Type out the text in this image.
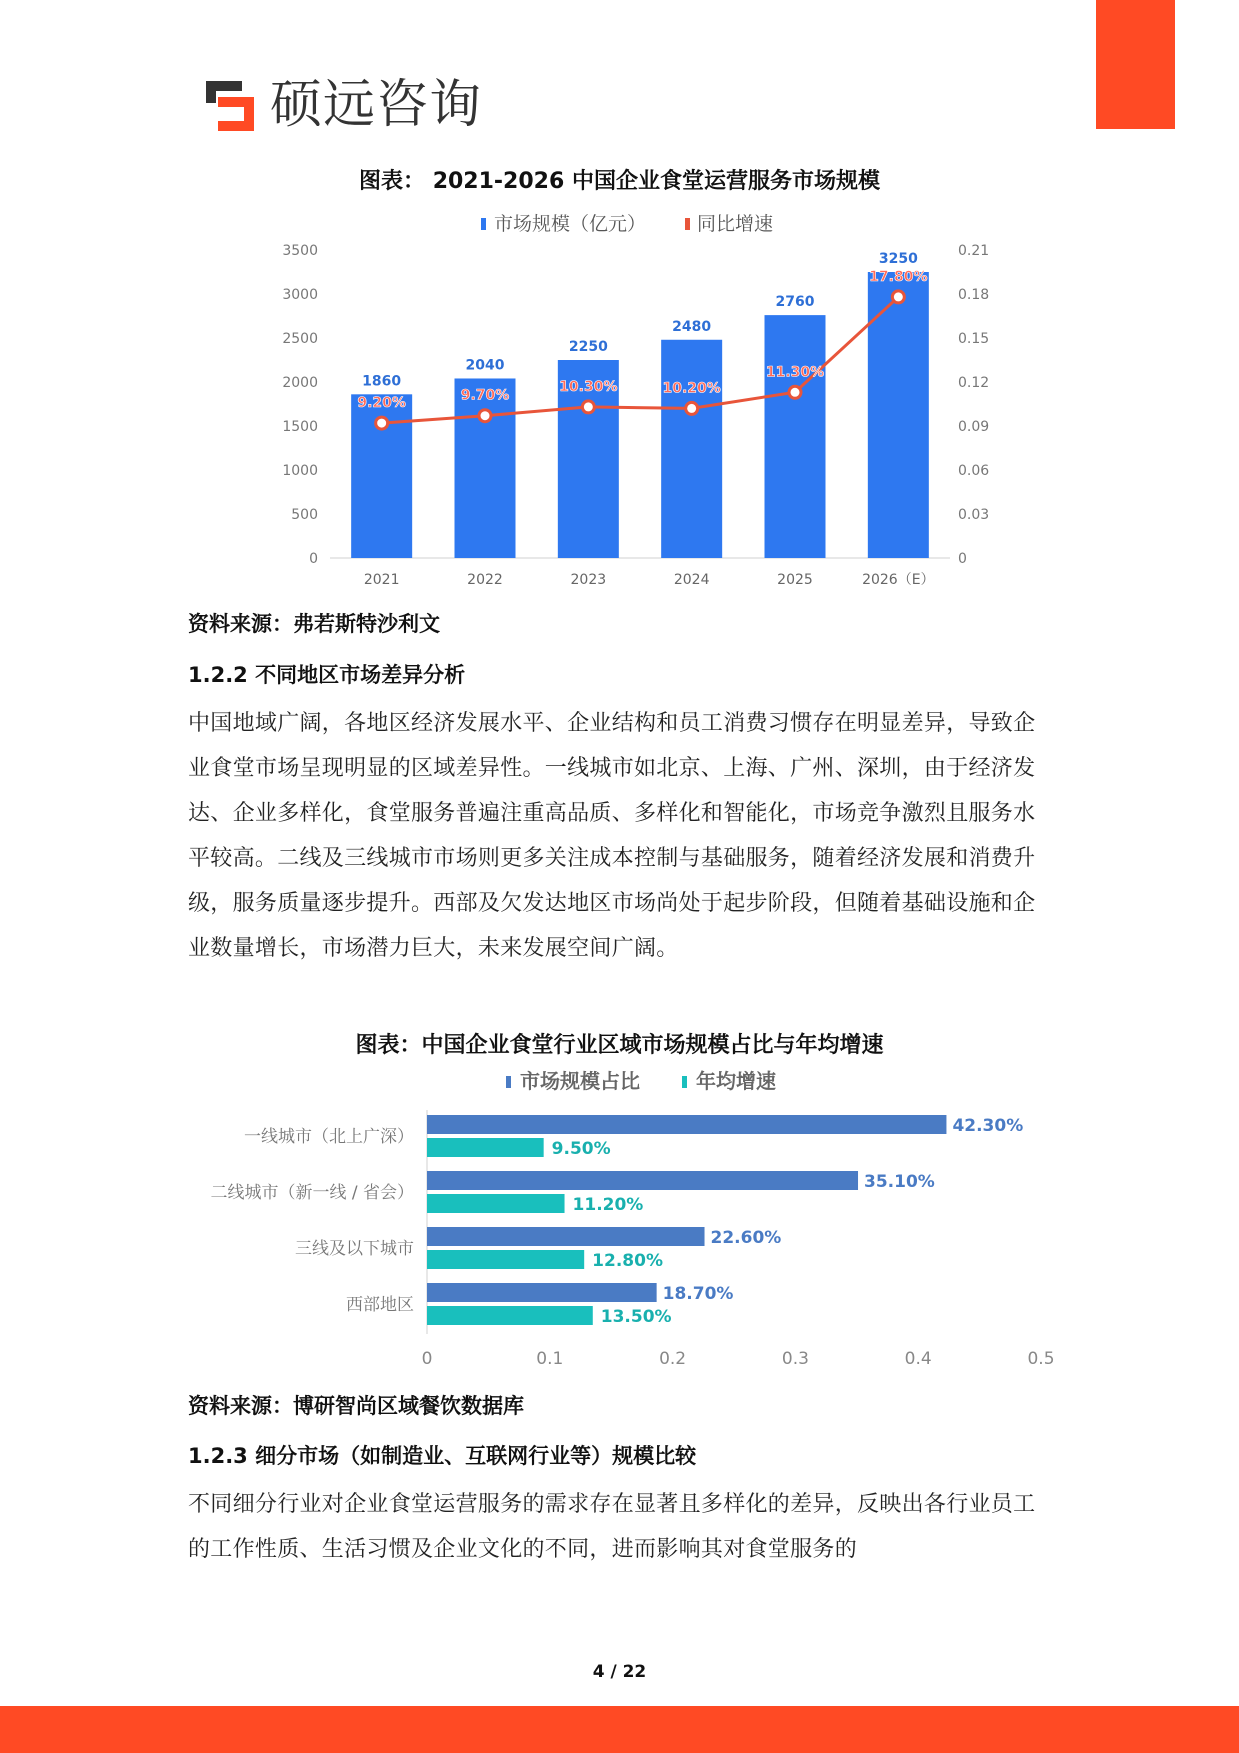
硕远咨询
图表： 2021-2026 中国企业食堂运营服务市场规模
市场规模（亿元）	同比增速
0
500
1000
1500
2000
2500
3000
3500
0
0.03
0.06
0.09
0.12
0.15
0.18
0.21
1860
2021
2040
2022
2250
2023
2480
2024
2760
2025
3250
2026（E）
9.20%	9.70%
10.30%	10.20%
11.30%
17.80%
资料来源：弗若斯特沙利文
1.2.2 不同地区市场差异分析

中国地域广阔，各地区经济发展水平、企业结构和员工消费习惯存在明显差异，导致企业食堂市场呈现明显的区域差异性。一线城市如北京、上海、广州、深圳，由于经济发达、企业多样化，食堂服务普遍注重高品质、多样化和智能化，市场竞争激烈且服务水平较高。二线及三线城市市场则更多关注成本控制与基础服务，随着经济发展和消费升级，服务质量逐步提升。西部及欠发达地区市场尚处于起步阶段，但随着基础设施和企业数量增长，市场潜力巨大，未来发展空间广阔。

图表：中国企业食堂行业区域市场规模占比与年均增速
市场规模占比	年均增速
一线城市（北上广深）
42.30%
9.50%
二线城市（新一线 / 省会）
35.10%
11.20%
三线及以下城市
22.60%
12.80%
西部地区
18.70%
13.50%
0	0.1	0.2	0.3	0.4	0.5
资料来源：博研智尚区域餐饮数据库
1.2.3 细分市场（如制造业、互联网行业等）规模比较

不同细分行业对企业食堂运营服务的需求存在显著且多样化的差异，反映出各行业员工的工作性质、生活习惯及企业文化的不同，进而影响其对食堂服务的

4 / 22
